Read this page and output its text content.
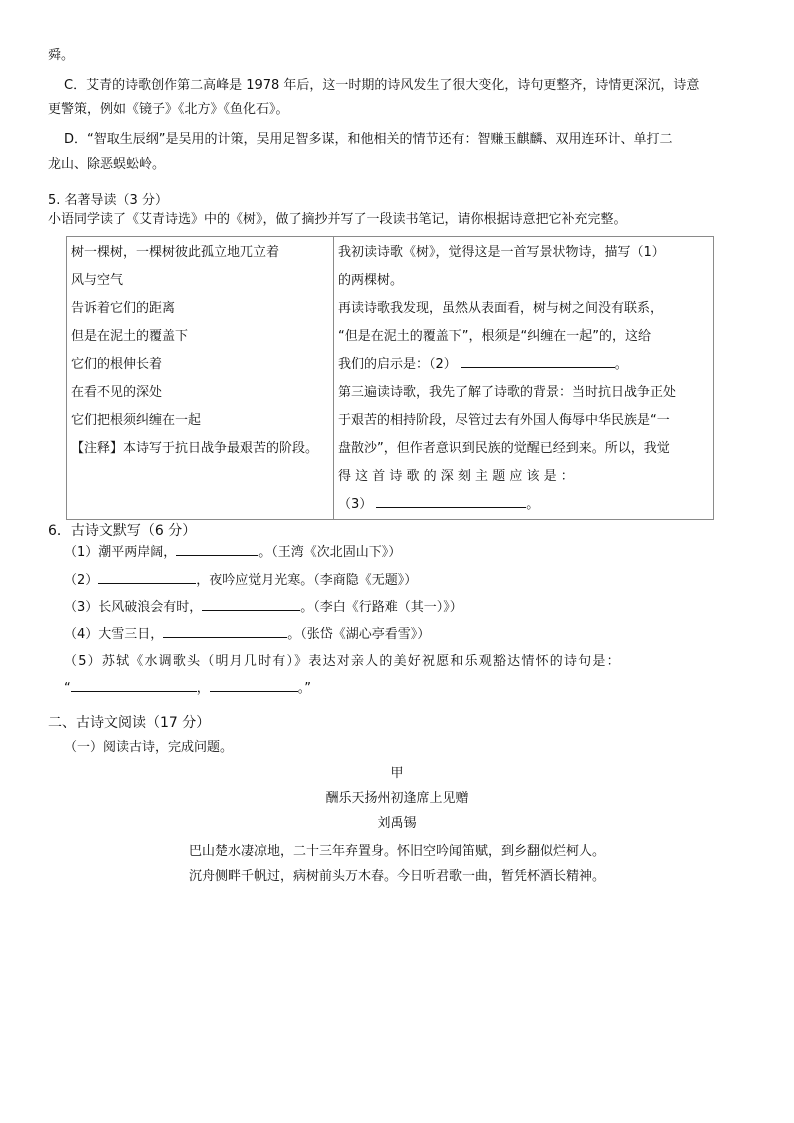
舜。
C．艾青的诗歌创作第二高峰是 1978 年后，这一时期的诗风发生了很大变化，诗句更整齐，诗情更深沉，诗意
更警策，例如《镜子》《北方》《鱼化石》。
D．“智取生辰纲”是吴用的计策，吴用足智多谋，和他相关的情节还有：智赚玉麒麟、双用连环计、单打二
龙山、除恶蜈蚣岭。
5. 名著导读（3 分）
小语同学读了《艾青诗选》中的《树》，做了摘抄并写了一段读书笔记，请你根据诗意把它补充完整。
树一棵树，一棵树彼此孤立地兀立着
风与空气
告诉着它们的距离
但是在泥土的覆盖下
它们的根伸长着
在看不见的深处
它们把根须纠缠在一起
【注释】本诗写于抗日战争最艰苦的阶段。

我初读诗歌《树》，觉得这是一首写景状物诗，描写（1）
的两棵树。
再读诗歌我发现，虽然从表面看，树与树之间没有联系，
“但是在泥土的覆盖下”，根须是“纠缠在一起”的，这给
我们的启示是：（2）	。
第三遍读诗歌，我先了解了诗歌的背景：当时抗日战争正处
于艰苦的相持阶段，尽管过去有外国人侮辱中华民族是“一
盘散沙”，但作者意识到民族的觉醒已经到来。所以，我觉
得 这 首 诗 歌 的 深 刻 主 题 应 该 是 ：
（3）	。
6．古诗文默写（6 分）
（1）潮平两岸阔，	。（王湾《次北固山下》）
（2）	，夜吟应觉月光寒。（李商隐《无题》）
（3）长风破浪会有时，	。（李白《行路难（其一）》）
（4）大雪三日，	。（张岱《湖心亭看雪》）
（5）苏轼《水调歌头（明月几时有）》表达对亲人的美好祝愿和乐观豁达情怀的诗句是：
“	，	。”
二、古诗文阅读（17 分）
（一）阅读古诗，完成问题。
甲
酬乐天扬州初逢席上见赠
刘禹锡
巴山楚水凄凉地，二十三年弃置身。怀旧空吟闻笛赋，到乡翻似烂柯人。
沉舟侧畔千帆过，病树前头万木春。今日听君歌一曲，暂凭杯酒长精神。
